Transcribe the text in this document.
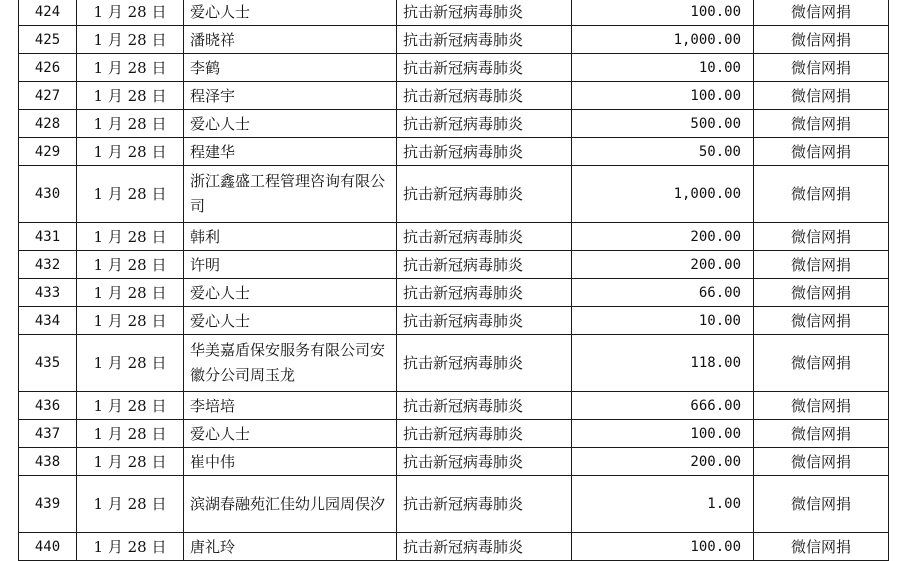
424	1 月 28 日	爱心人士	抗击新冠病毒肺炎	100.00	微信网捐
425	1 月 28 日	潘晓祥	抗击新冠病毒肺炎	1,000.00	微信网捐
426	1 月 28 日	李鹤	抗击新冠病毒肺炎	10.00	微信网捐
427	1 月 28 日	程泽宇	抗击新冠病毒肺炎	100.00	微信网捐
428	1 月 28 日	爱心人士	抗击新冠病毒肺炎	500.00	微信网捐
429	1 月 28 日	程建华	抗击新冠病毒肺炎	50.00	微信网捐
430	1 月 28 日	浙江鑫盛工程管理咨询有限公司	抗击新冠病毒肺炎	1,000.00	微信网捐
431	1 月 28 日	韩利	抗击新冠病毒肺炎	200.00	微信网捐
432	1 月 28 日	许明	抗击新冠病毒肺炎	200.00	微信网捐
433	1 月 28 日	爱心人士	抗击新冠病毒肺炎	66.00	微信网捐
434	1 月 28 日	爱心人士	抗击新冠病毒肺炎	10.00	微信网捐
435	1 月 28 日	华美嘉盾保安服务有限公司安徽分公司周玉龙	抗击新冠病毒肺炎	118.00	微信网捐
436	1 月 28 日	李培培	抗击新冠病毒肺炎	666.00	微信网捐
437	1 月 28 日	爱心人士	抗击新冠病毒肺炎	100.00	微信网捐
438	1 月 28 日	崔中伟	抗击新冠病毒肺炎	200.00	微信网捐
439	1 月 28 日	滨湖春融苑汇佳幼儿园周俣汐	抗击新冠病毒肺炎	1.00	微信网捐
440	1 月 28 日	唐礼玲	抗击新冠病毒肺炎	100.00	微信网捐
